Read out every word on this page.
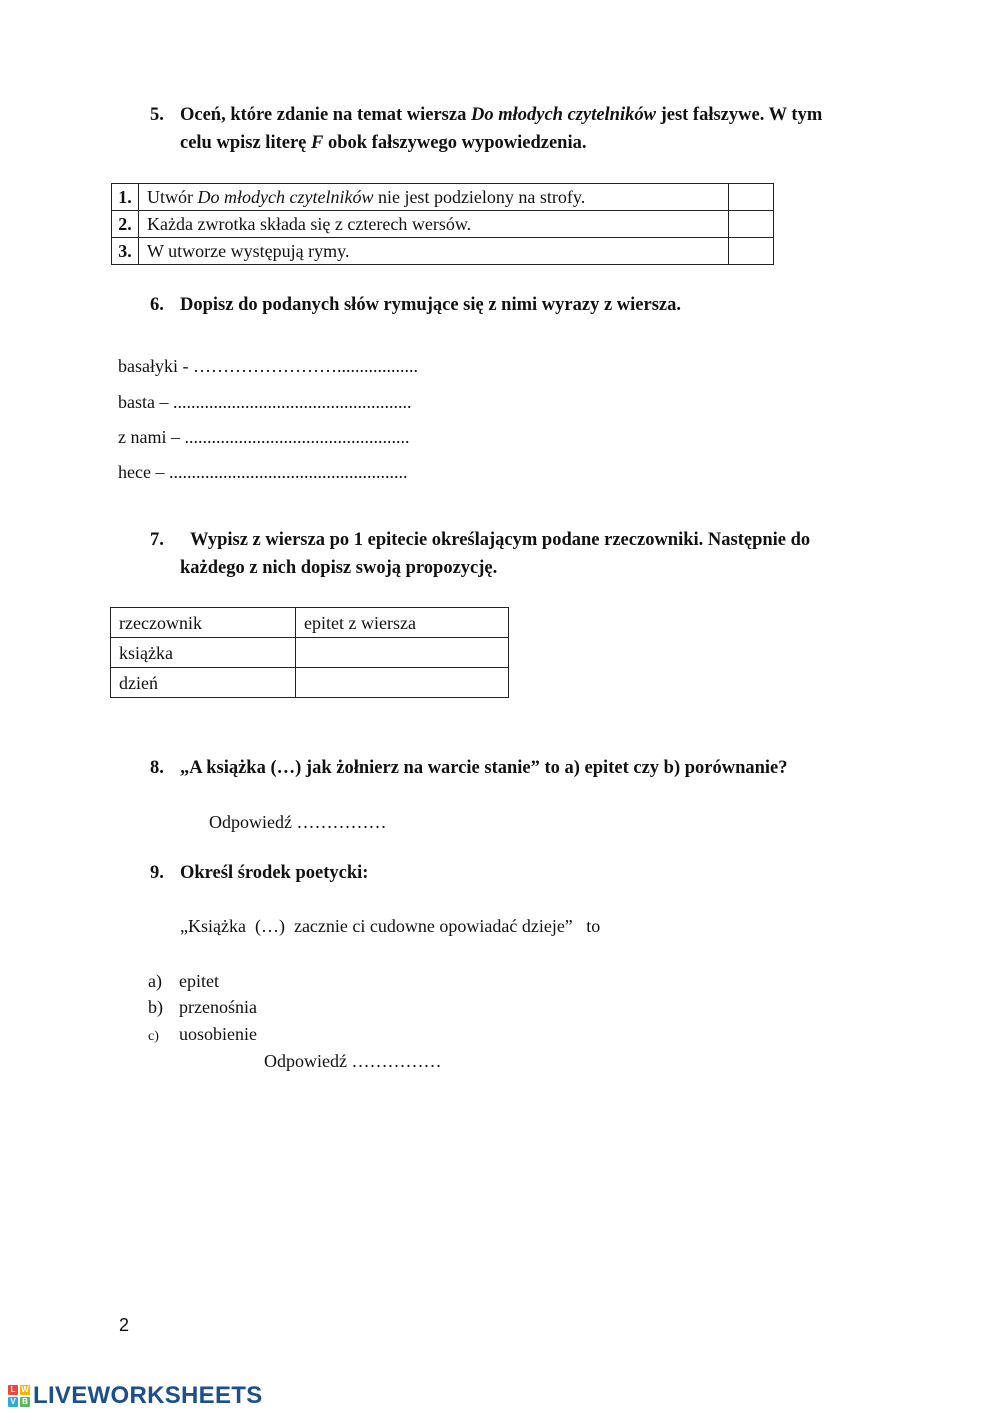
5. Oceń, które zdanie na temat wiersza Do młodych czytelników jest fałszywe. W tym
celu wpisz literę F obok fałszywego wypowiedzenia.
1.	Utwór Do młodych czytelników nie jest podzielony na strofy.	
2.	Każda zwrotka składa się z czterech wersów.	
3.	W utworze występują rymy.	
6. Dopisz do podanych słów rymujące się z nimi wyrazy z wiersza.
basałyki - ……………………..................
basta – .....................................................
z nami – ..................................................
hece – .....................................................
7. Wypisz z wiersza po 1 epitecie określającym podane rzeczowniki. Następnie do
każdego z nich dopisz swoją propozycję.
rzeczownik	epitet z wiersza
książka	
dzień	
8. „A książka (…) jak żołnierz na warcie stanie” to a) epitet czy b) porównanie?
Odpowiedź ……………
9. Określ środek poetycki:
„Książka  (…)  zacznie ci cudowne opowiadać dzieje”   to
a) epitet
b) przenośnia
c) uosobienie
Odpowiedź ……………
2
L W
V B LIVEWORKSHEETS
